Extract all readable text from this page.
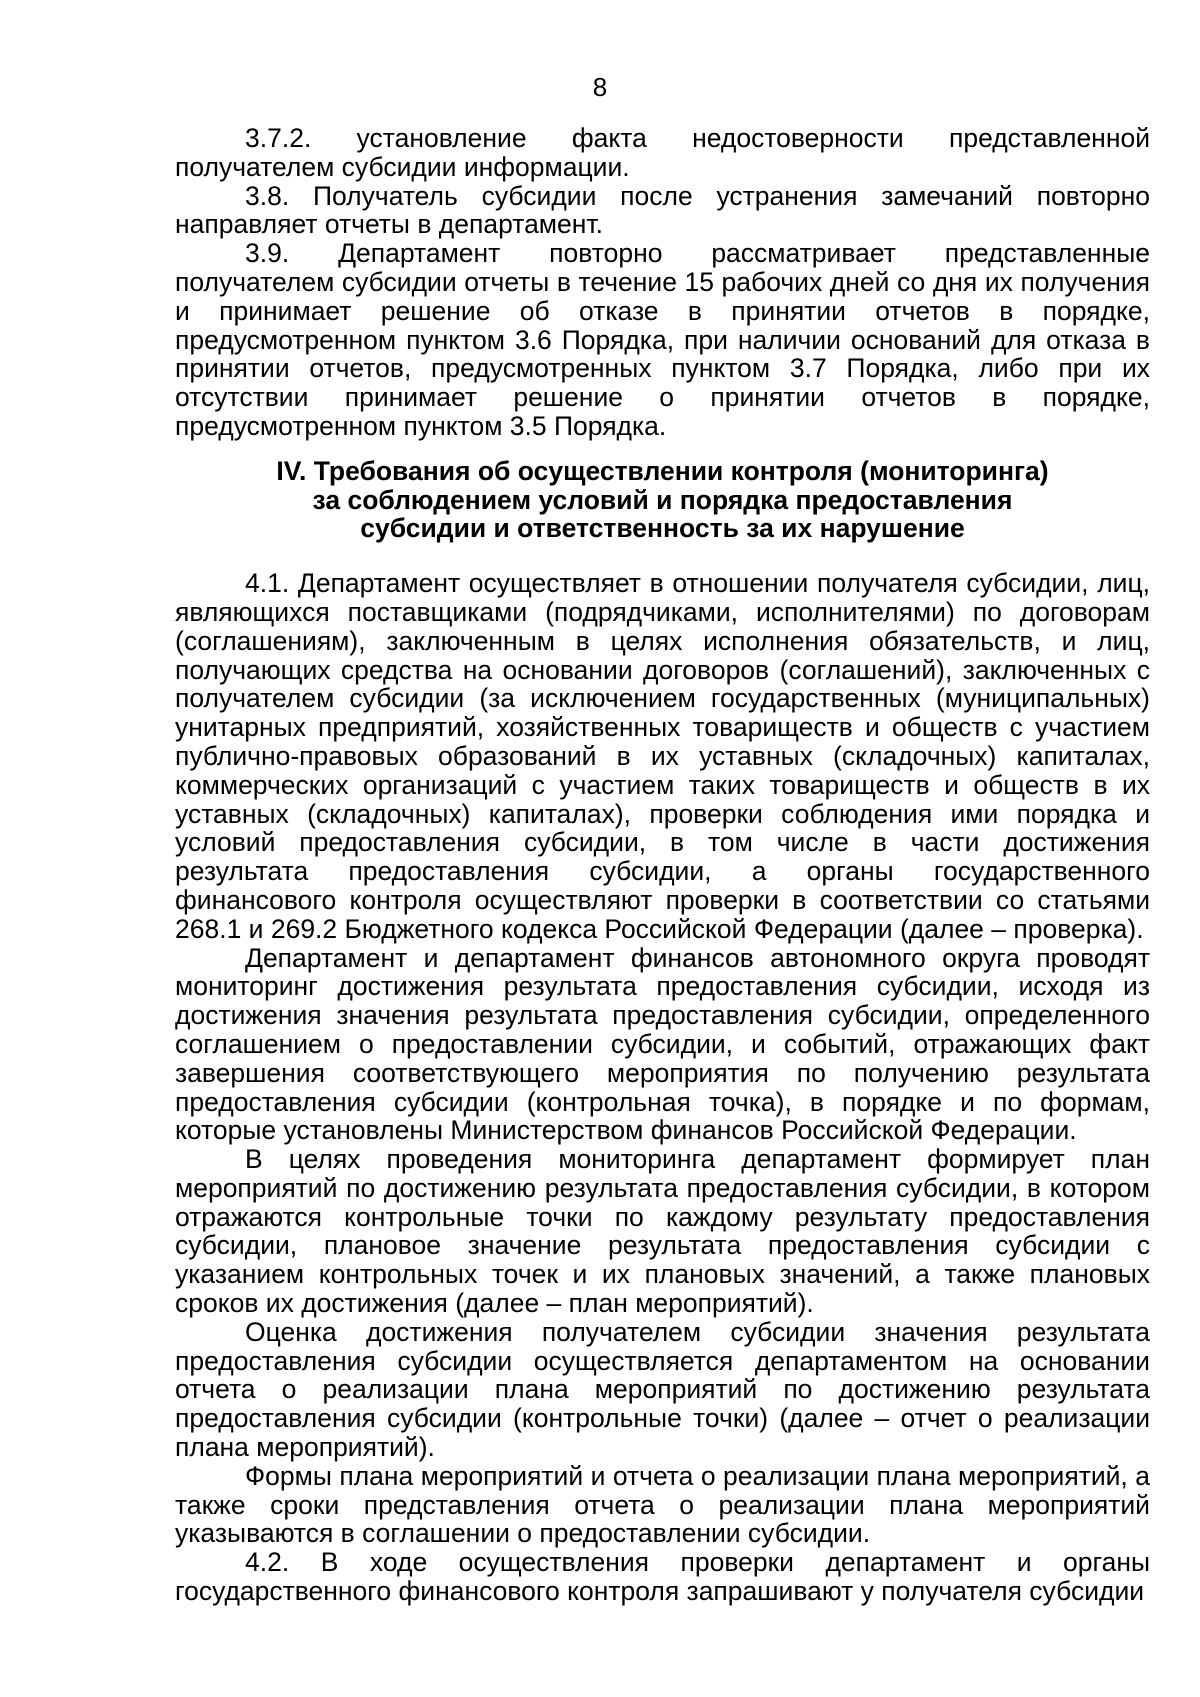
8

3.7.2. установление факта недостоверности представленной получателем субсидии информации.

3.8. Получатель субсидии после устранения замечаний повторно направляет отчеты в департамент.

3.9. Департамент повторно рассматривает представленные получателем субсидии отчеты в течение 15 рабочих дней со дня их получения и принимает решение об отказе в принятии отчетов в порядке, предусмотренном пунктом 3.6 Порядка, при наличии оснований для отказа в принятии отчетов, предусмотренных пунктом 3.7 Порядка, либо при их отсутствии принимает решение о принятии отчетов в порядке, предусмотренном пунктом 3.5 Порядка.

IV. Требования об осуществлении контроля (мониторинга)
за соблюдением условий и порядка предоставления
субсидии и ответственность за их нарушение

4.1. Департамент осуществляет в отношении получателя субсидии, лиц, являющихся поставщиками (подрядчиками, исполнителями) по договорам (соглашениям), заключенным в целях исполнения обязательств, и лиц, получающих средства на основании договоров (соглашений), заключенных с получателем субсидии (за исключением государственных (муниципальных) унитарных предприятий, хозяйственных товариществ и обществ с участием публично-правовых образований в их уставных (складочных) капиталах, коммерческих организаций с участием таких товариществ и обществ в их уставных (складочных) капиталах), проверки соблюдения ими порядка и условий предоставления субсидии, в том числе в части достижения результата предоставления субсидии, а органы государственного финансового контроля осуществляют проверки в соответствии со статьями 268.1 и 269.2 Бюджетного кодекса Российской Федерации (далее – проверка).

Департамент и департамент финансов автономного округа проводят мониторинг достижения результата предоставления субсидии, исходя из достижения значения результата предоставления субсидии, определенного соглашением о предоставлении субсидии, и событий, отражающих факт завершения соответствующего мероприятия по получению результата предоставления субсидии (контрольная точка), в порядке и по формам, которые установлены Министерством финансов Российской Федерации.

В целях проведения мониторинга департамент формирует план мероприятий по достижению результата предоставления субсидии, в котором отражаются контрольные точки по каждому результату предоставления субсидии, плановое значение результата предоставления субсидии с указанием контрольных точек и их плановых значений, а также плановых сроков их достижения (далее – план мероприятий).

Оценка достижения получателем субсидии значения результата предоставления субсидии осуществляется департаментом на основании отчета о реализации плана мероприятий по достижению результата предоставления субсидии (контрольные точки) (далее – отчет о реализации плана мероприятий).

Формы плана мероприятий и отчета о реализации плана мероприятий, а также сроки представления отчета о реализации плана мероприятий указываются в соглашении о предоставлении субсидии.

4.2. В ходе осуществления проверки департамент и органы государственного финансового контроля запрашивают у получателя субсидии
